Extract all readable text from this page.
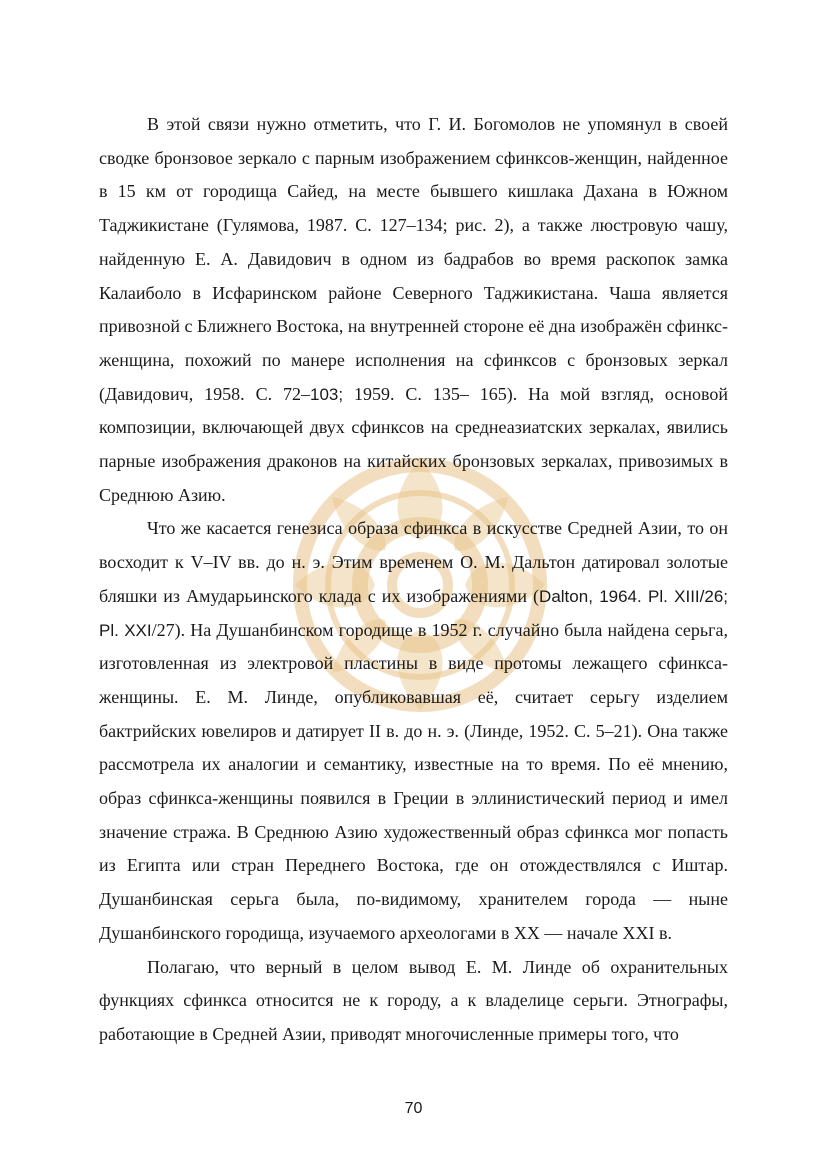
В этой связи нужно отметить, что Г. И. Богомолов не упомянул в своей сводке бронзовое зеркало с парным изображением сфинксов-женщин, найденное в 15 км от городища Сайед, на месте бывшего кишлака Дахана в Южном Таджикистане (Гулямова, 1987. С. 127–134; рис. 2), а также люстровую чашу, найденную Е. А. Давидович в одном из бадрабов во время раскопок замка Калаиболо в Исфаринском районе Северного Таджикистана. Чаша является привозной с Ближнего Востока, на внутренней стороне её дна изображён сфинкс-женщина, похожий по манере исполнения на сфинксов с бронзовых зеркал (Давидович, 1958. С. 72–103; 1959. С. 135– 165). На мой взгляд, основой композиции, включающей двух сфинксов на среднеазиатских зеркалах, явились парные изображения драконов на китайских бронзовых зеркалах, привозимых в Среднюю Азию.

Что же касается генезиса образа сфинкса в искусстве Средней Азии, то он восходит к V–IV вв. до н. э. Этим временем О. М. Дальтон датировал золотые бляшки из Амударьинского клада с их изображениями (Dalton, 1964. Pl. XIII/26; Pl. XXI/27). На Душанбинском городище в 1952 г. случайно была найдена серьга, изготовленная из электровой пластины в виде протомы лежащего сфинкса-женщины. Е. М. Линде, опубликовавшая её, считает серьгу изделием бактрийских ювелиров и датирует II в. до н. э. (Линде, 1952. С. 5–21). Она также рассмотрела их аналогии и семантику, известные на то время. По её мнению, образ сфинкса-женщины появился в Греции в эллинистический период и имел значение стража. В Среднюю Азию художественный образ сфинкса мог попасть из Египта или стран Переднего Востока, где он отождествлялся с Иштар. Душанбинская серьга была, по-видимому, хранителем города — ныне Душанбинского городища, изучаемого археологами в XX — начале XXI в.

Полагаю, что верный в целом вывод Е. М. Линде об охранительных функциях сфинкса относится не к городу, а к владелице серьги. Этнографы, работающие в Средней Азии, приводят многочисленные примеры того, что

70
